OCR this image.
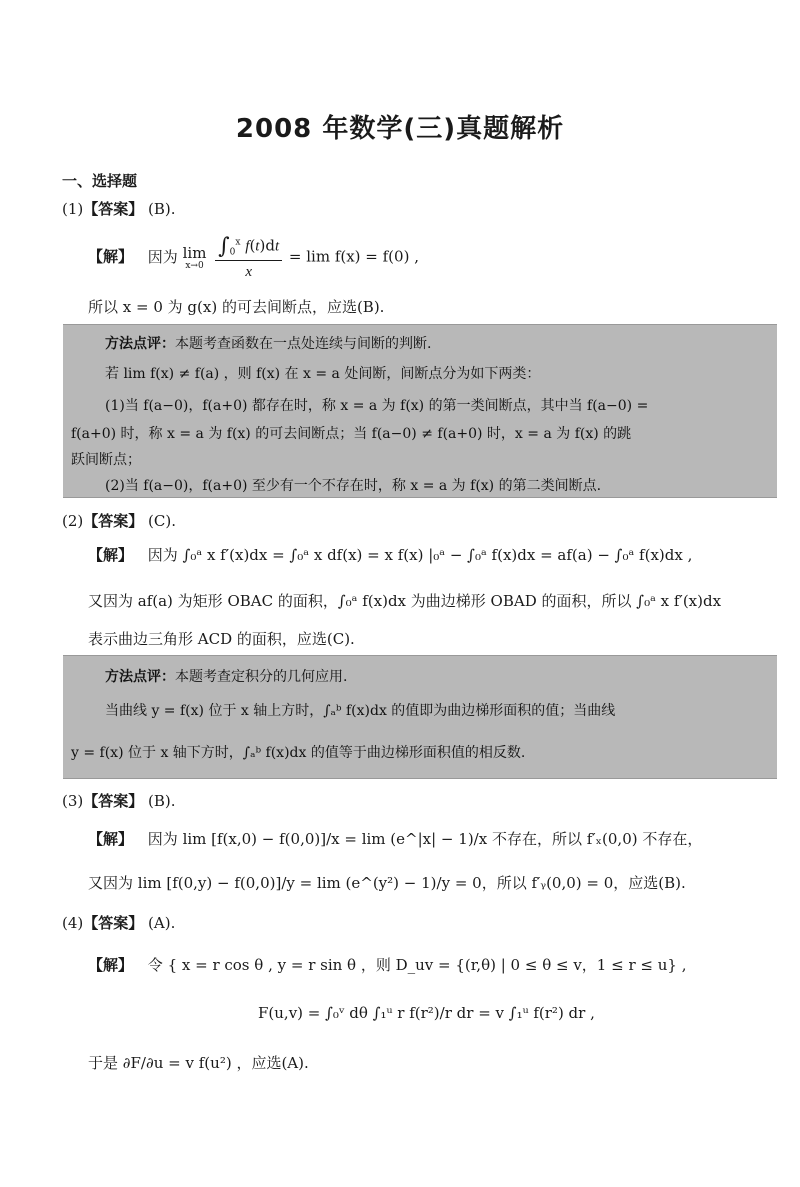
2008 年数学(三)真题解析
一、选择题
(1)【答案】 (B).
【解】 因为 lim
x→0
$\frac{\int_0^x f(t)dt}{x} = \lim f(x) = f(0)$ ,
所以 x = 0 为 g(x) 的可去间断点，应选(B).
方法点评：本题考查函数在一点处连续与间断的判断.
若 lim f(x) ≠ f(a) ，则 f(x) 在 x = a 处间断，间断点分为如下两类：
(1)当 f(a−0)，f(a+0) 都存在时，称 x = a 为 f(x) 的第一类间断点，其中当 f(a−0) =
f(a+0) 时，称 x = a 为 f(x) 的可去间断点；当 f(a−0) ≠ f(a+0) 时，x = a 为 f(x) 的跳
跃间断点；
(2)当 f(a−0)，f(a+0) 至少有一个不存在时，称 x = a 为 f(x) 的第二类间断点.
(2)【答案】 (C).
【解】 因为 ∫₀ᵃ x f′(x)dx = ∫₀ᵃ x df(x) = x f(x) |₀ᵃ − ∫₀ᵃ f(x)dx = af(a) − ∫₀ᵃ f(x)dx ,
又因为 af(a) 为矩形 OBAC 的面积，∫₀ᵃ f(x)dx 为曲边梯形 OBAD 的面积，所以 ∫₀ᵃ x f′(x)dx
表示曲边三角形 ACD 的面积，应选(C).
方法点评：本题考查定积分的几何应用.
当曲线 y = f(x) 位于 x 轴上方时，∫ₐᵇ f(x)dx 的值即为曲边梯形面积的值；当曲线
y = f(x) 位于 x 轴下方时，∫ₐᵇ f(x)dx 的值等于曲边梯形面积值的相反数.
(3)【答案】 (B).
【解】 因为 lim [f(x,0) − f(0,0)]/x = lim (e^|x| − 1)/x 不存在，所以 f′ₓ(0,0) 不存在，
又因为 lim [f(0,y) − f(0,0)]/y = lim (e^(y²) − 1)/y = 0，所以 f′ᵧ(0,0) = 0，应选(B).
(4)【答案】 (A).
【解】 令 { x = r cos θ , y = r sin θ ，则 D_uv = {(r,θ) | 0 ≤ θ ≤ v，1 ≤ r ≤ u} ,
F(u,v) = ∫₀ᵛ dθ ∫₁ᵘ r f(r²)/r dr = v ∫₁ᵘ f(r²) dr ,
于是 ∂F/∂u = v f(u²) ，应选(A).
